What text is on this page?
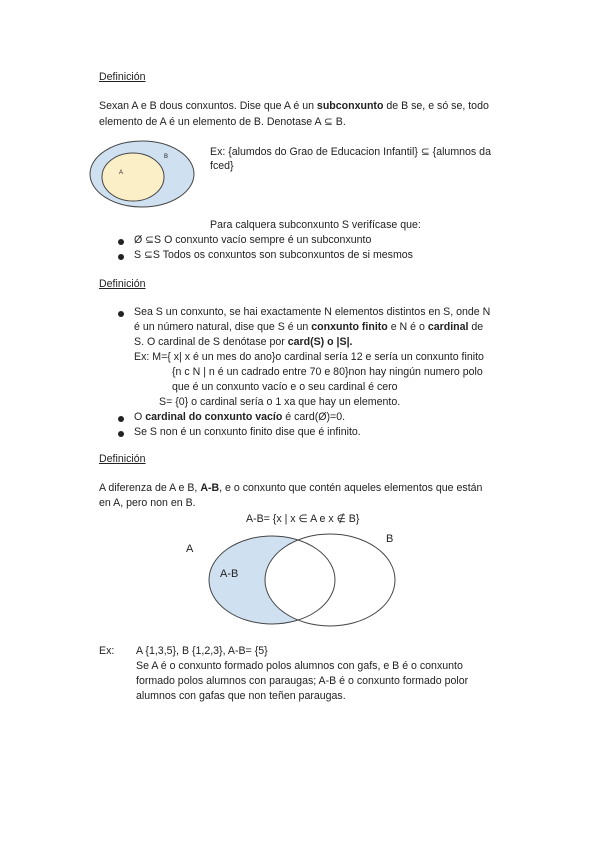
Definición
Sexan A e B dous conxuntos. Dise que A é un subconxunto de B se, e só se, todo
elemento de A é un elemento de B. Denotase A ⊆ B.
A
B	Ex: {alumdos do Grao de Educacion Infantil} ⊆ {alumnos da
fced}
Para calquera subconxunto S verifícase que:
Ø ⊆S O conxunto vacío sempre é un subconxunto
S ⊆S Todos os conxuntos son subconxuntos de si mesmos
Definición
Sea S un conxunto, se hai exactamente N elementos distintos en S, onde N
é un número natural, dise que S é un conxunto finito e N é o cardinal de
S. O cardinal de S denótase por card(S) o |S|.
Ex: M={ x| x é un mes do ano}o cardinal sería 12 e sería un conxunto finito
{n c N | n é un cadrado entre 70 e 80}non hay ningún numero polo
que é un conxunto vacío e o seu cardinal é cero
S= {0} o cardinal sería o 1 xa que hay un elemento.
O cardinal do conxunto vacío é card(Ø)=0.
Se S non é un conxunto finito dise que é infinito.
Definición
A diferenza de A e B, A-B, e o conxunto que contén aqueles elementos que están
en A, pero non en B.
A-B= {x | x ∈ A e x ∉ B}
A
B
A-B
Ex: A {1,3,5}, B {1,2,3}, A-B= {5}
Se A é o conxunto formado polos alumnos con gafs, e B é o conxunto
formado polos alumnos con paraugas; A-B é o conxunto formado polor
alumnos con gafas que non teñen paraugas.
